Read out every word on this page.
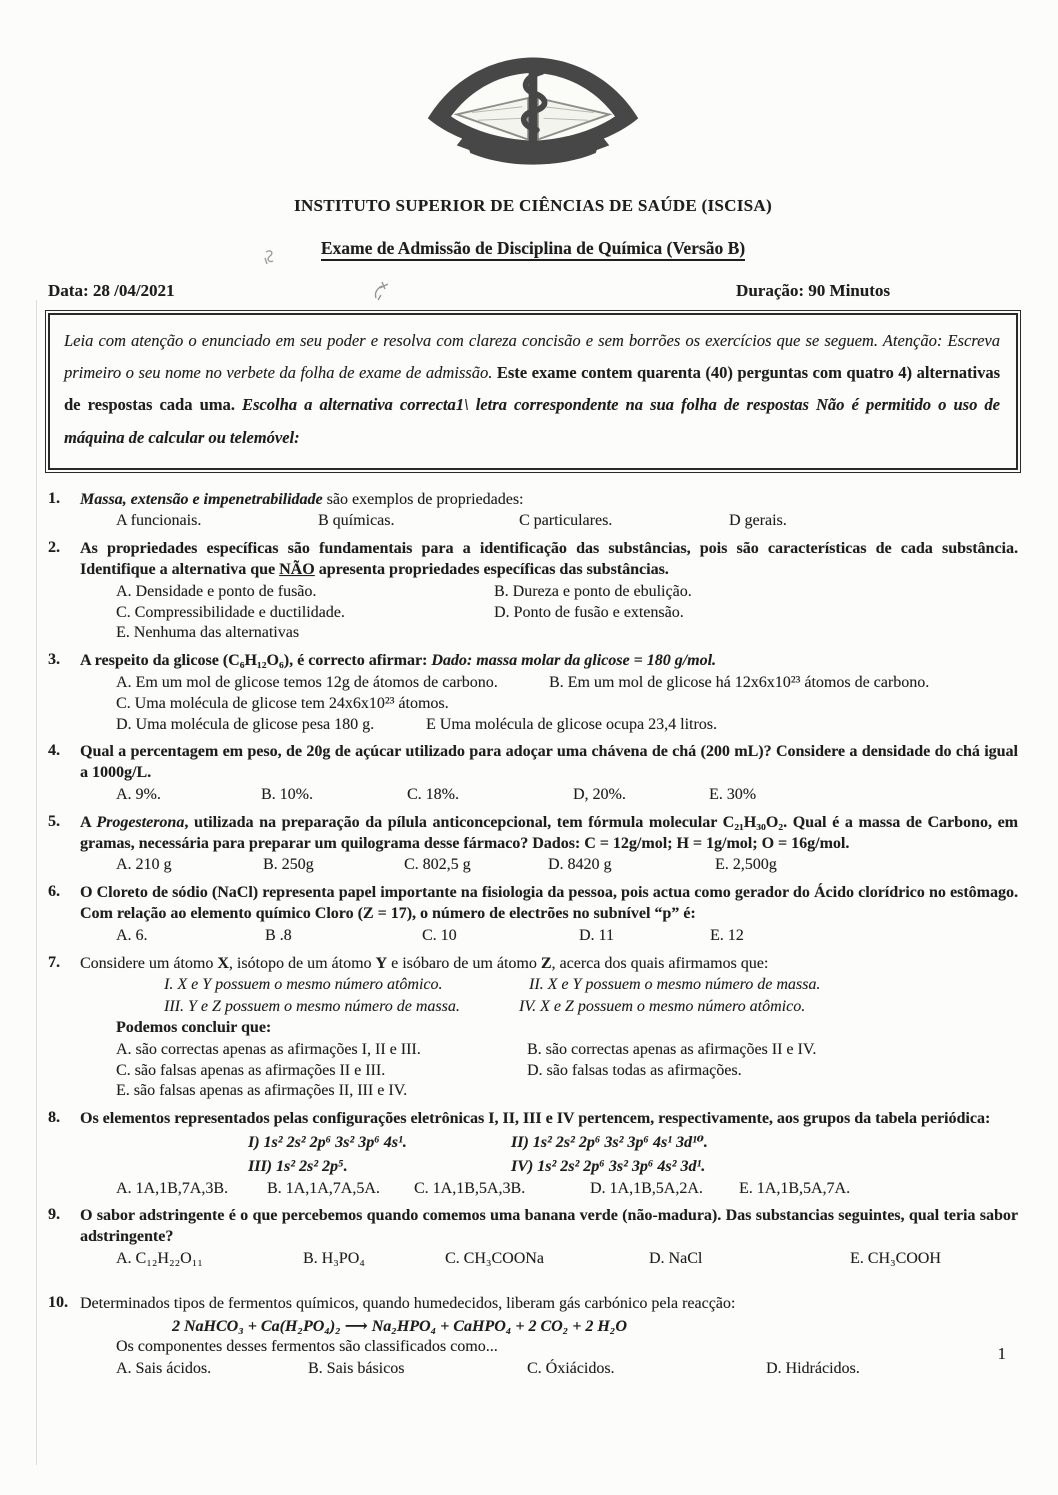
INSTITUTO SUPERIOR DE CIÊNCIAS DE SAÚDE (ISCISA)
Exame de Admissão de Disciplina de Química (Versão B)
Data: 28 /04/2021	Duração: 90 Minutos
Leia com atenção o enunciado em seu poder e resolva com clareza concisão e sem borrões os exercícios que se seguem. Atenção: Escreva primeiro o seu nome no verbete da folha de exame de admissão. Este exame contem quarenta (40) perguntas com quatro 4) alternativas de respostas cada uma. Escolha a alternativa correcta1\ letra correspondente na sua folha de respostas Não é permitido o uso de máquina de calcular ou telemóvel:
1.	Massa, extensão e impenetrabilidade são exemplos de propriedades:
A funcionais.	B químicas.	C particulares.	D gerais.
2.	As propriedades específicas são fundamentais para a identificação das substâncias, pois são características de cada substância. Identifique a alternativa que NÃO apresenta propriedades específicas das substâncias.
A. Densidade e ponto de fusão.	B. Dureza e ponto de ebulição.
C. Compressibilidade e ductilidade.	D. Ponto de fusão e extensão.
E. Nenhuma das alternativas
3.	A respeito da glicose (C₆H₁₂O₆), é correcto afirmar: Dado: massa molar da glicose = 180 g/mol.
A. Em um mol de glicose temos 12g de átomos de carbono.	B. Em um mol de glicose há 12x6x10²³ átomos de carbono.
C. Uma molécula de glicose tem 24x6x10²³ átomos.
D. Uma molécula de glicose pesa 180 g.	E Uma molécula de glicose ocupa 23,4 litros.
4.	Qual a percentagem em peso, de 20g de açúcar utilizado para adoçar uma chávena de chá (200 mL)? Considere a densidade do chá igual a 1000g/L.
A. 9%.	B. 10%.	C. 18%.	D, 20%.	E. 30%
5.	A Progesterona, utilizada na preparação da pílula anticoncepcional, tem fórmula molecular C₂₁H₃₀O₂. Qual é a massa de Carbono, em gramas, necessária para preparar um quilograma desse fármaco? Dados: C = 12g/mol; H = 1g/mol; O = 16g/mol.
A. 210 g	B. 250g	C. 802,5 g	D. 8420 g	E. 2,500g
6.	O Cloreto de sódio (NaCl) representa papel importante na fisiologia da pessoa, pois actua como gerador do Ácido clorídrico no estômago. Com relação ao elemento químico Cloro (Z = 17), o número de electrões no subnível “p” é:
A. 6.	B .8	C. 10	D. 11	E. 12
7.	Considere um átomo X, isótopo de um átomo Y e isóbaro de um átomo Z, acerca dos quais afirmamos que:
I. X e Y possuem o mesmo número atômico.	II. X e Y possuem o mesmo número de massa.
III. Y e Z possuem o mesmo número de massa.	IV. X e Z possuem o mesmo número atômico.
Podemos concluir que:
A. são correctas apenas as afirmações I, II e III.	B. são correctas apenas as afirmações II e IV.
C. são falsas apenas as afirmações II e III.	D. são falsas todas as afirmações.
E. são falsas apenas as afirmações II, III e IV.
8.	Os elementos representados pelas configurações eletrônicas I, II, III e IV pertencem, respectivamente, aos grupos da tabela periódica:
I) 1s² 2s² 2p⁶ 3s² 3p⁶ 4s¹.	II) 1s² 2s² 2p⁶ 3s² 3p⁶ 4s¹ 3d¹⁰.
III) 1s² 2s² 2p⁵.	IV) 1s² 2s² 2p⁶ 3s² 3p⁶ 4s² 3d¹.
A. 1A,1B,7A,3B. B. 1A,1A,7A,5A. C. 1A,1B,5A,3B.	D. 1A,1B,5A,2A. E. 1A,1B,5A,7A.
9.	O sabor adstringente é o que percebemos quando comemos uma banana verde (não-madura). Das substancias seguintes, qual teria sabor adstringente?
A. C₁₂H₂₂O₁₁	B. H₃PO₄	C. CH₃COONa	D. NaCl	E. CH₃COOH
10. Determinados tipos de fermentos químicos, quando humedecidos, liberam gás carbónico pela reacção:
2 NaHCO₃ + Ca(H₂PO₄)₂ ⟶ Na₂HPO₄ + CaHPO₄ + 2 CO₂ + 2 H₂O
Os componentes desses fermentos são classificados como...
A. Sais ácidos.	B. Sais básicos	C. Óxiácidos.	D. Hidrácidos.
1
